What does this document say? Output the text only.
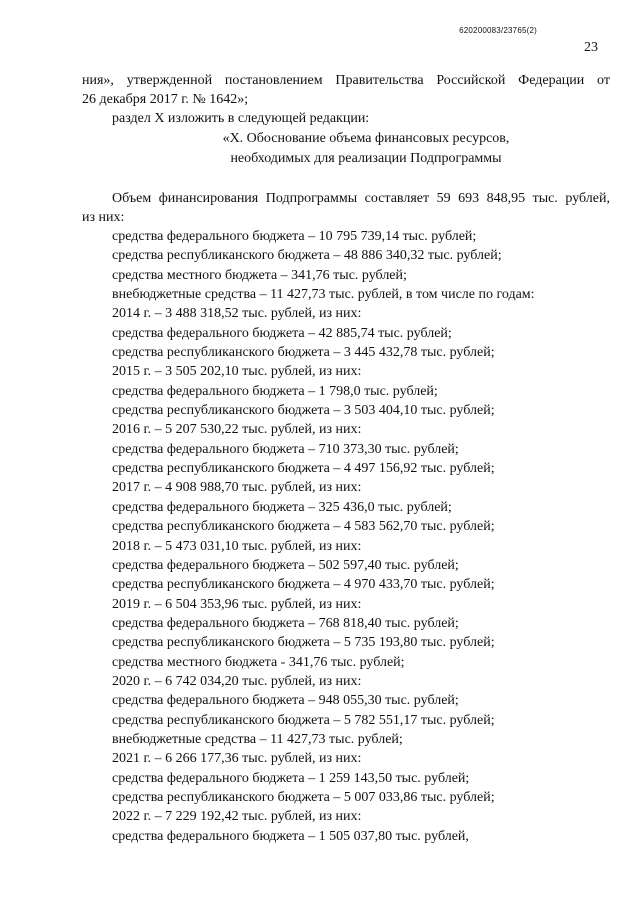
620200083/23765(2)
23

ния», утвержденной постановлением Правительства Российской Федерации от

26 декабря 2017 г. № 1642»;

раздел X изложить в следующей редакции:

«X. Обоснование объема финансовых ресурсов,

необходимых для реализации Подпрограммы

Объем финансирования Подпрограммы составляет 59 693 848,95 тыс. рублей,

из них:

средства федерального бюджета – 10 795 739,14 тыс. рублей;

средства республиканского бюджета – 48 886 340,32 тыс. рублей;

средства местного бюджета – 341,76 тыс. рублей;

внебюджетные средства – 11 427,73 тыс. рублей, в том числе по годам:

2014 г. – 3 488 318,52 тыс. рублей, из них:

средства федерального бюджета – 42 885,74 тыс. рублей;

средства республиканского бюджета – 3 445 432,78 тыс. рублей;

2015 г. – 3 505 202,10 тыс. рублей, из них:

средства федерального бюджета – 1 798,0 тыс. рублей;

средства республиканского бюджета – 3 503 404,10 тыс. рублей;

2016 г. – 5 207 530,22 тыс. рублей, из них:

средства федерального бюджета – 710 373,30 тыс. рублей;

средства республиканского бюджета – 4 497 156,92 тыс. рублей;

2017 г. – 4 908 988,70 тыс. рублей, из них:

средства федерального бюджета – 325 436,0 тыс. рублей;

средства республиканского бюджета – 4 583 562,70 тыс. рублей;

2018 г. – 5 473 031,10 тыс. рублей, из них:

средства федерального бюджета – 502 597,40 тыс. рублей;

средства республиканского бюджета – 4 970 433,70 тыс. рублей;

2019 г. – 6 504 353,96 тыс. рублей, из них:

средства федерального бюджета – 768 818,40 тыс. рублей;

средства республиканского бюджета – 5 735 193,80 тыс. рублей;

средства местного бюджета - 341,76 тыс. рублей;

2020 г. – 6 742 034,20 тыс. рублей, из них:

средства федерального бюджета – 948 055,30 тыс. рублей;

средства республиканского бюджета – 5 782 551,17 тыс. рублей;

внебюджетные средства – 11 427,73 тыс. рублей;

2021 г. – 6 266 177,36 тыс. рублей, из них:

средства федерального бюджета – 1 259 143,50 тыс. рублей;

средства республиканского бюджета – 5 007 033,86 тыс. рублей;

2022 г. – 7 229 192,42 тыс. рублей, из них:

средства федерального бюджета – 1 505 037,80 тыс. рублей,
